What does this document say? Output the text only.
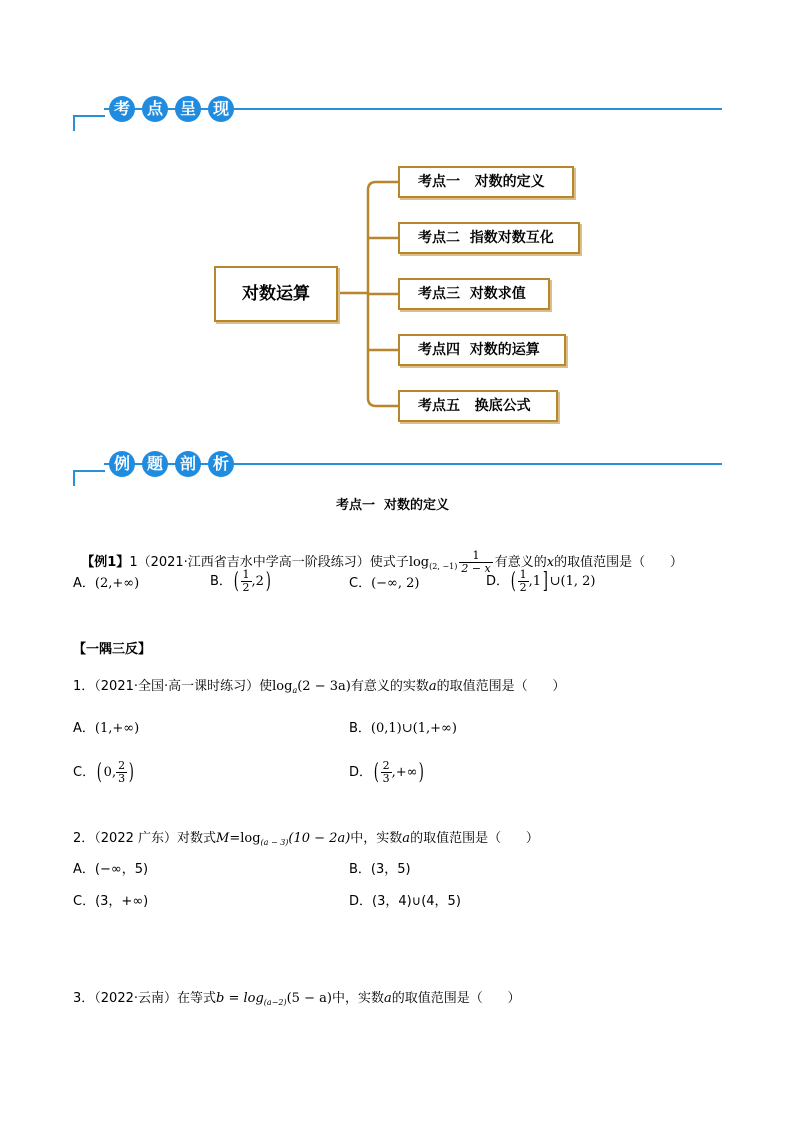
考	点	呈	现
对数运算
考点一   对数的定义
考点二  指数对数互化
考点三  对数求值
考点四  对数的运算
考点五   换底公式
例	题	剖	析
考点一  对数的定义

【例1】1（2021·江西省吉水中学高一阶段练习）使式子$\log_{(2, -1)} \frac{1}{2 - x}$ 有意义的x的取值范围是（      ）

A．(2,+∞)	B．( $\frac{1}{2} ,2$)	C．(−∞, 2)	D．( $\frac{1}{2} ,1$] ∪(1, 2)
【一隅三反】
1．（2021·全国·高一课时练习）使$\log_a(2 - 3a)$有意义的实数a的取值范围是（      ）
A．(1,+∞)	B．(0,1)∪(1,+∞)
C．( 0, $\frac{2}{3}$ )	D．( $\frac{2}{3}$ ,+∞)
2．（2022 广东）对数式$M=\log_{(a - 3)}(10 - 2a)$中，实数a的取值范围是（      ）
A．(−∞，5)	B．(3，5)
C．(3，+∞)	D．(3，4)∪(4，5)
3．（2022·云南）在等式$b = \log_{(a-2)}(5 - a)$中，实数a的取值范围是（      ）
